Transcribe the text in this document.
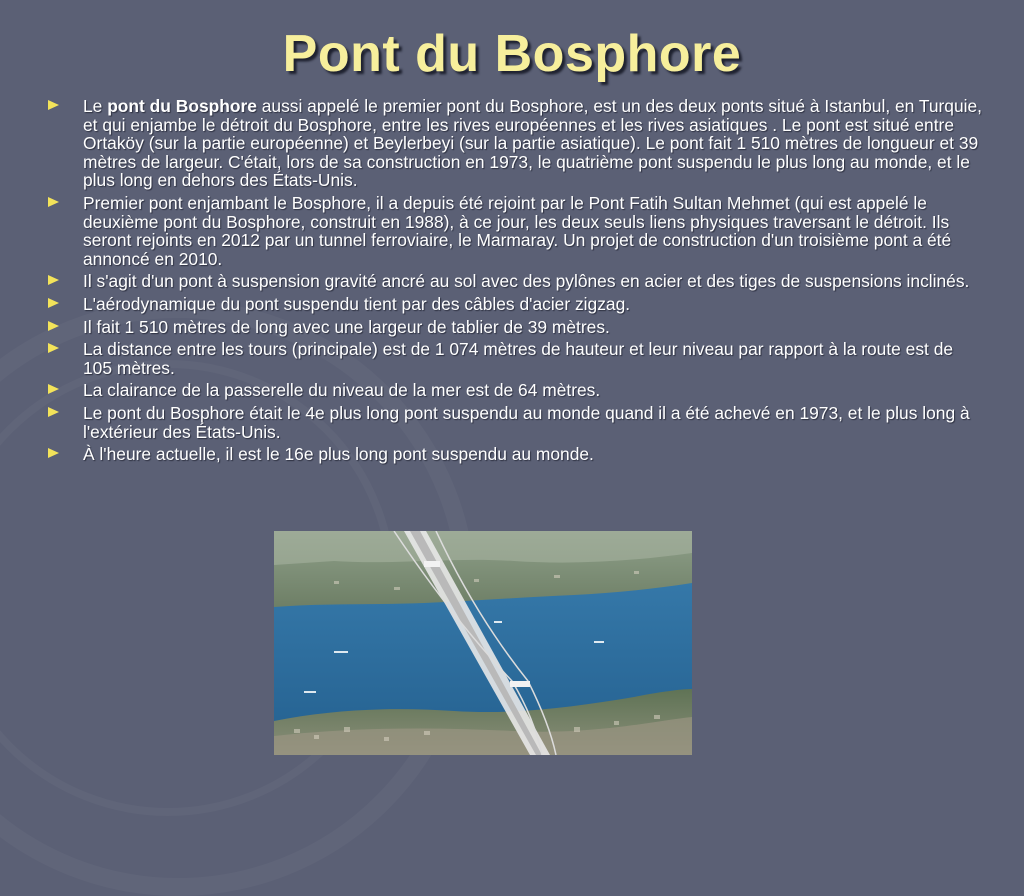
Pont du Bosphore
Le pont du Bosphore aussi appelé le premier pont du Bosphore, est un des deux ponts situé à Istanbul, en Turquie, et qui enjambe le détroit du Bosphore, entre les rives européennes et les rives asiatiques . Le pont est situé entre Ortaköy (sur la partie européenne) et Beylerbeyi (sur la partie asiatique). Le pont fait 1 510 mètres de longueur et 39 mètres de largeur. C'était, lors de sa construction en 1973, le quatrième pont suspendu le plus long au monde, et le plus long en dehors des États-Unis.
Premier pont enjambant le Bosphore, il a depuis été rejoint par le Pont Fatih Sultan Mehmet (qui est appelé le deuxième pont du Bosphore, construit en 1988), à ce jour, les deux seuls liens physiques traversant le détroit. Ils seront rejoints en 2012 par un tunnel ferroviaire, le Marmaray. Un projet de construction d'un troisième pont a été annoncé en 2010.
Il s'agit d'un pont à suspension gravité ancré au sol avec des pylônes en acier et des tiges de suspensions inclinés.
L'aérodynamique du pont suspendu tient par des câbles d'acier zigzag.
Il fait 1 510 mètres de long avec une largeur de tablier de 39 mètres.
La distance entre les tours (principale) est de 1 074 mètres de hauteur et leur niveau par rapport à la route est de 105 mètres.
La clairance de la passerelle du niveau de la mer est de 64 mètres.
Le pont du Bosphore était le 4e plus long pont suspendu au monde quand il a été achevé en 1973, et le plus long à l'extérieur des États-Unis.
À l'heure actuelle, il est le 16e plus long pont suspendu au monde.
